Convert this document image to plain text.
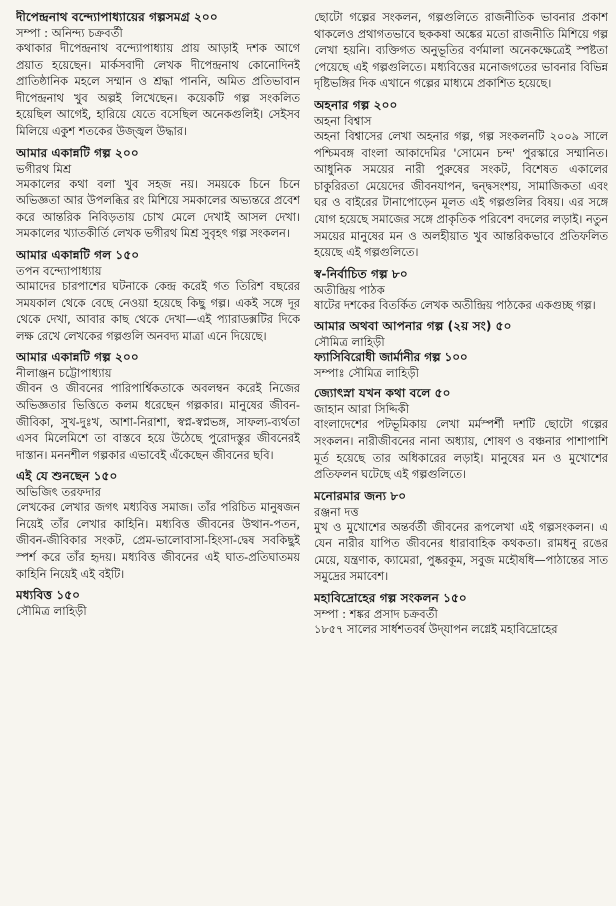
দীপেন্দ্রনাথ বন্দ্যোপাধ্যায়ের গল্পসমগ্র ২০০
সম্পা : অনিন্দ্য চক্রবর্তী
কথাকার দীপেন্দ্রনাথ বন্দ্যোপাধ্যায় প্রায় আড়াই দশক আগে প্রয়াত হয়েছেন। মার্কসবাদী লেখক দীপেন্দ্রনাথ কোনোদিনই প্রাতিষ্ঠানিক মহলে সম্মান ও শ্রদ্ধা পাননি, অমিত প্রতিভাবান দীপেন্দ্রনাথ খুব অল্পই লিখেছেন। কয়েকটি গল্প সংকলিত হয়েছিল আগেই, হারিয়ে যেতে বসেছিল অনেকগুলিই। সেইসব মিলিয়ে একুশ শতকের উজ্জ্বল উদ্ধার।
আমার একান্নটি গল্প ২০০
ভগীরথ মিশ্র
সমকালের কথা বলা খুব সহজ নয়। সময়কে চিনে চিনে অভিজ্ঞতা আর উপলব্ধির রং মিশিয়ে সমকালের অভ্যন্তরে প্রবেশ করে আন্তরিক নিবিড়তায় চোখ মেলে দেখাই আসল দেখা। সমকালের খ্যাতকীর্তি লেখক ভগীরথ মিশ্র সুবৃহৎ গল্প সংকলন।
আমার একান্নটি গল ১৫০
তপন বন্দ্যোপাধ্যায়
আমাদের চারপাশের ঘটনাকে কেন্দ্র করেই গত তিরিশ বছরের সমযকাল থেকে বেছে নেওয়া হয়েছে কিছু গল্প। একই সঙ্গে দূর থেকে দেখা, আবার কাছ থেকে দেখা—এই প্যারাডক্সটির দিকে লক্ষ রেখে লেখকের গল্পগুলি অনবদ্য মাত্রা এনে দিয়েছে।
আমার একান্নটি গল্প ২০০
নীলাঞ্জন চট্টোপাধ্যায়
জীবন ও জীবনের পারিপার্শ্বিকতাকে অবলম্বন করেই নিজের অভিজ্ঞতার ভিত্তিতে কলম ধরেছেন গল্পকার। মানুষের জীবন-জীবিকা, সুখ-দুঃখ, আশা-নিরাশা, স্বপ্ন-স্বপ্নভঙ্গ, সাফল্য-ব্যর্থতা এসব মিলেমিশে তা বাস্তবে হয়ে উঠেছে পুরোদস্তুর জীবনেরই দাস্তান। মননশীল গল্পকার এভাবেই এঁকেছেন জীবনের ছবি।
এই যে শুনছেন ১৫০
অভিজিৎ তরফদার
লেখকের লেখার জগৎ মধ্যবিত্ত সমাজ। তাঁর পরিচিত মানুষজন নিয়েই তাঁর লেখার কাহিনি। মধ্যবিত্ত জীবনের উত্থান-পতন, জীবন-জীবিকার সংকট, প্রেম-ভালোবাসা-হিংসা-দ্বেষ সবকিছুই স্পর্শ করে তাঁর হৃদয়। মধ্যবিত্ত জীবনের এই ঘাত-প্রতিঘাতময় কাহিনি নিয়েই এই বইটি।
মধ্যবিত্ত ১৫০
সৌমিত্র লাহিড়ী
ছোটো গল্পের সংকলন, গল্পগুলিতে রাজনীতিক ভাবনার প্রকাশ থাকলেও প্রথাগতভাবে ছককষা অঙ্কের মতো রাজনীতি মিশিয়ে গল্প লেখা হয়নি। ব্যক্তিগত অনুভূতির বর্ণমালা অনেকক্ষেত্রেই স্পষ্টতা পেয়েছে এই গল্পগুলিতে। মধ্যবিত্তের মনোজগতের ভাবনার বিভিন্ন দৃষ্টিভঙ্গির দিক এখানে গল্পের মাধ্যমে প্রকাশিত হয়েছে।
অহনার গল্প ২০০
অহনা বিশ্বাস
অহনা বিশ্বাসের লেখা অহনার গল্প, গল্প সংকলনটি ২০০৯ সালে পশ্চিমবঙ্গ বাংলা আকাদেমির 'সোমেন চন্দ' পুরস্কারে সম্মানিত। আধুনিক সময়ের নারী পুরুষের সংকট, বিশেষত একালের চাকুরিরতা মেয়েদের জীবনযাপন, দ্বন্দ্বসংশয়, সামাজিকতা এবং ঘর ও বাইরের টানাপোড়েন মূলত এই গল্পগুলির বিষয়। এর সঙ্গে যোগ হয়েছে সমাজের সঙ্গে প্রাকৃতিক পরিবেশ বদলের লড়াই। নতুন সময়ের মানুষের মন ও অলহীয়াত খুব আন্তরিকভাবে প্রতিফলিত হয়েছে এই গল্পগুলিতে।
স্ব-নির্বাচিত গল্প ৮০
অতীন্দ্রিয় পাঠক
ষাটের দশকের বিতর্কিত লেখক অতীন্দ্রিয় পাঠকের একগুচ্ছ গল্প।
আমার অথবা আপনার গল্প (২য় সং) ৫০
সৌমিত্র লাহিড়ী
ফ্যাসিবিরোধী জার্মানীর গল্প ১০০
সম্পাঃ সৌমিত্র লাহিড়ী
জ্যোৎস্না যখন কথা বলে ৫০
জাহান আরা সিদ্দিকী
বাংলাদেশের পটভূমিকায় লেখা মর্মস্পর্শী দশটি ছোটো গল্পের সংকলন। নারীজীবনের নানা অধ্যায়, শোষণ ও বঞ্চনার পাশাপাশি মূর্ত হয়েছে তার অধিকারের লড়াই। মানুষের মন ও মুখোশের প্রতিফলন ঘটেছে এই গল্পগুলিতে।
মনোরমার জন্য ৮০
রঞ্জনা দত্ত
মুখ ও মুখোশের অন্তর্বর্তী জীবনের রূপলেখা এই গল্পসংকলন। এ যেন নারীর যাপিত জীবনের ধারাবাহিক কথকতা। রামধনু রঙের মেয়ে, যন্ত্রণাক, ক্যামেরা, পুষ্করকূম, সবুজ মহৌষধি—পাঠান্তের সাত সমুদ্রের সমাবেশ।
মহাবিদ্রোহের গল্প সংকলন ১৫০
সম্পা : শঙ্কর প্রসাদ চক্রবর্তী
১৮৫৭ সালের সার্ধশতবর্ষ উদ্‌যাপন লগ্নেই মহাবিদ্রোহের
